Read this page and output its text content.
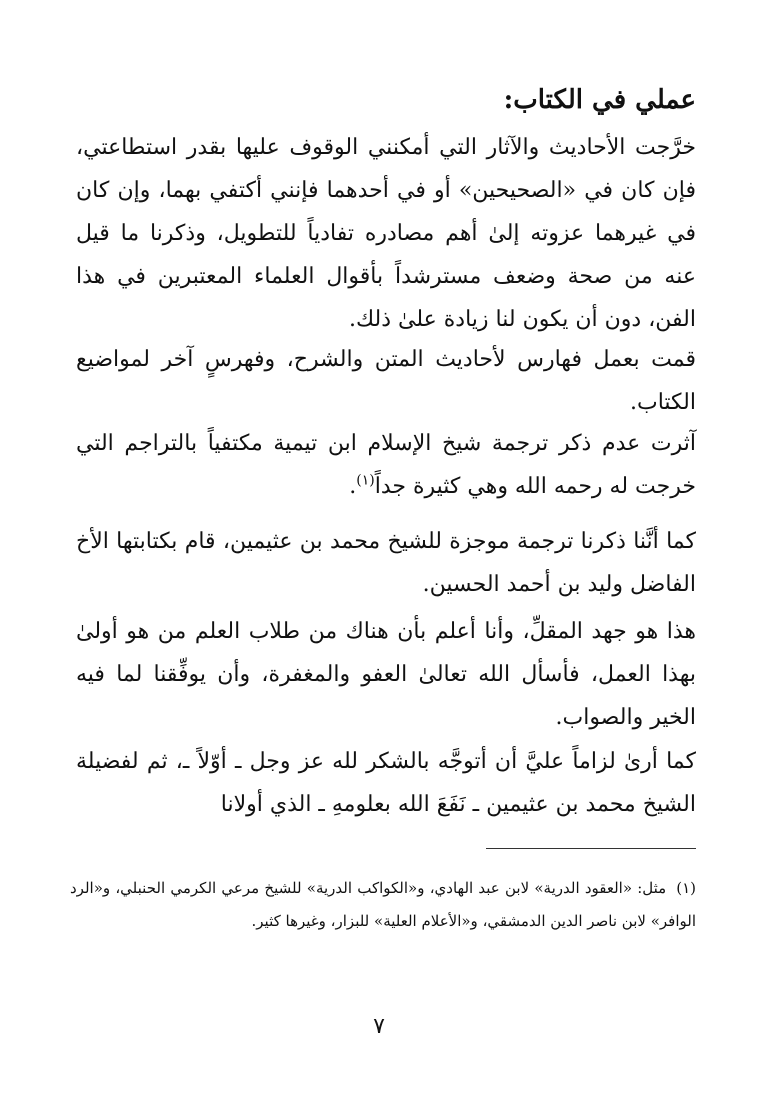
عملي في الكتاب:

خرَّجت الأحاديث والآثار التي أمكنني الوقوف عليها بقدر استطاعتي، فإن كان في «الصحيحين» أو في أحدهما فإنني أكتفي بهما، وإن كان في غيرهما عزوته إلىٰ أهم مصادره تفادياً للتطويل، وذكرنا ما قيل عنه من صحة وضعف مسترشداً بأقوال العلماء المعتبرين في هذا الفن، دون أن يكون لنا زيادة علىٰ ذلك.

قمت بعمل فهارس لأحاديث المتن والشرح، وفهرسٍ آخر لمواضيع الكتاب.

آثرت عدم ذكر ترجمة شيخ الإسلام ابن تيمية مكتفياً بالتراجم التي خرجت له رحمه الله وهي كثيرة جداً$^{(١)}$.

كما أنَّنا ذكرنا ترجمة موجزة للشيخ محمد بن عثيمين، قام بكتابتها الأخ الفاضل وليد بن أحمد الحسين.

هذا هو جهد المقلِّ، وأنا أعلم بأن هناك من طلاب العلم من هو أولىٰ بهذا العمل، فأسأل الله تعالىٰ العفو والمغفرة، وأن يوفِّقنا لما فيه الخير والصواب.

كما أرىٰ لزاماً عليَّ أن أتوجَّه بالشكر لله عز وجل ـ أوّلاً ـ، ثم لفضيلة الشيخ محمد بن عثيمين ـ نَفَعَ الله بعلومهِ ـ الذي أولانا

(١)مثل: «العقود الدرية» لابن عبد الهادي، و«الكواكب الدرية» للشيخ مرعي الكرمي الحنبلي، و«الرد الوافر» لابن ناصر الدين الدمشقي، و«الأعلام العلية» للبزار، وغيرها كثير.

٧
